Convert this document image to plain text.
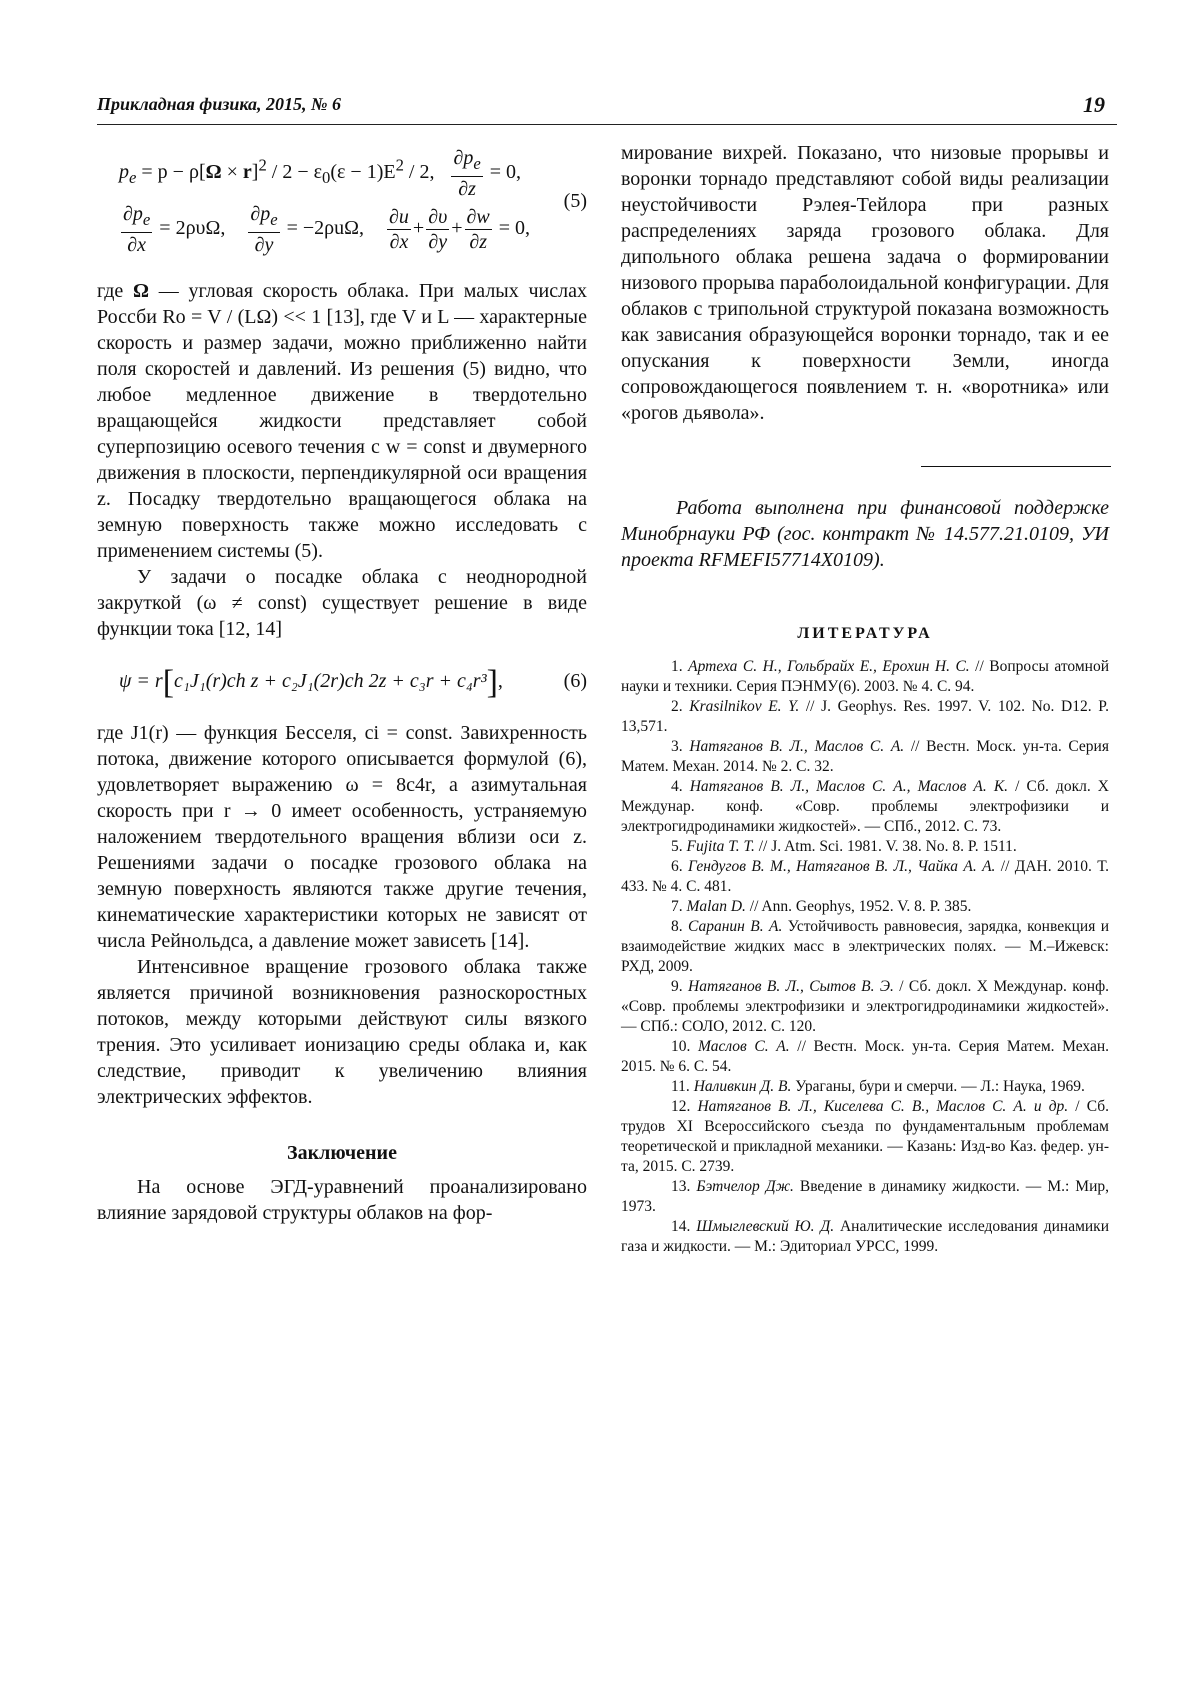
Прикладная физика, 2015, № 6	19
$p_e = p - \rho[\Omega \times r]^2 / 2 - \varepsilon_0(\varepsilon - 1)E^2 / 2$, $\frac{\partial p_e}{\partial z} = 0$,
$\frac{\partial p_e}{\partial x} = 2\rho\upsilon\Omega$, $\frac{\partial p_e}{\partial y} = -2\rho u\Omega$, $\frac{\partial u}{\partial x} + \frac{\partial\upsilon}{\partial y} + \frac{\partial w}{\partial z} = 0$,
(5)

где Ω — угловая скорость облака. При малых числах Россби Ro = V / (LΩ) << 1 [13], где V и L — характерные скорость и размер задачи, можно приближенно найти поля скоростей и давлений. Из решения (5) видно, что любое медленное движение в твердотельно вращающейся жидкости представляет собой суперпозицию осевого течения с w = const и двумерного движения в плоскости, перпендикулярной оси вращения z. Посадку твердотельно вращающегося облака на земную поверхность также можно исследовать с применением системы (5).

У задачи о посадке облака с неоднородной закруткой (ω ≠ const) существует решение в виде функции тока [12, 14]

ψ = r[c₁J₁(r)ch z + c₂J₁(2r)ch 2z + c₃r + c₄r³],	(6)

где J1(r) — функция Бесселя, ci = const. Завихренность потока, движение которого описывается формулой (6), удовлетворяет выражению ω = 8c4r, а азимутальная скорость при r → 0 имеет особенность, устраняемую наложением твердотельного вращения вблизи оси z. Решениями задачи о посадке грозового облака на земную поверхность являются также другие течения, кинематические характеристики которых не зависят от числа Рейнольдса, а давление может зависеть [14].

Интенсивное вращение грозового облака также является причиной возникновения разноскоростных потоков, между которыми действуют силы вязкого трения. Это усиливает ионизацию среды облака и, как следствие, приводит к увеличению влияния электрических эффектов.

Заключение

На основе ЭГД-уравнений проанализировано влияние зарядовой структуры облаков на фор-

мирование вихрей. Показано, что низовые прорывы и воронки торнадо представляют собой виды реализации неустойчивости Рэлея-Тейлора при разных распределениях заряда грозового облака. Для дипольного облака решена задача о формировании низового прорыва параболоидальной конфигурации. Для облаков с трипольной структурой показана возможность как зависания образующейся воронки торнадо, так и ее опускания к поверхности Земли, иногда сопровождающегося появлением т. н. «воротника» или «рогов дьявола».

Работа выполнена при финансовой поддержке Минобрнауки РФ (гос. контракт № 14.577.21.0109, УИ проекта RFMEFI57714X0109).

ЛИТЕРАТУРА

1. Артеха С. Н., Гольбрайх Е., Ерохин Н. С. // Вопросы атомной науки и техники. Серия ПЭНМУ(6). 2003. № 4. С. 94.

2. Krasilnikov E. Y. // J. Geophys. Res. 1997. V. 102. No. D12. P. 13,571.

3. Натяганов В. Л., Маслов С. А. // Вестн. Моск. ун-та. Серия Матем. Механ. 2014. № 2. С. 32.

4. Натяганов В. Л., Маслов С. А., Маслов А. К. / Сб. докл. X Междунар. конф. «Совр. проблемы электрофизики и электрогидродинамики жидкостей». — СПб., 2012. С. 73.

5. Fujita T. T. // J. Atm. Sci. 1981. V. 38. No. 8. P. 1511.

6. Гендугов В. М., Натяганов В. Л., Чайка А. А. // ДАН. 2010. Т. 433. № 4. С. 481.

7. Malan D. // Ann. Geophys, 1952. V. 8. P. 385.

8. Саранин В. А. Устойчивость равновесия, зарядка, конвекция и взаимодействие жидких масс в электрических полях. — М.–Ижевск: РХД, 2009.

9. Натяганов В. Л., Сытов В. Э. / Сб. докл. X Междунар. конф. «Совр. проблемы электрофизики и электрогидродинамики жидкостей». — СПб.: СОЛО, 2012. С. 120.

10. Маслов С. А. // Вестн. Моск. ун-та. Серия Матем. Механ. 2015. № 6. С. 54.

11. Наливкин Д. В. Ураганы, бури и смерчи. — Л.: Наука, 1969.

12. Натяганов В. Л., Киселева С. В., Маслов С. А. и др. / Сб. трудов XI Всероссийского съезда по фундаментальным проблемам теоретической и прикладной механики. — Казань: Изд-во Каз. федер. ун-та, 2015. С. 2739.

13. Бэтчелор Дж. Введение в динамику жидкости. — М.: Мир, 1973.

14. Шмыглевский Ю. Д. Аналитические исследования динамики газа и жидкости. — М.: Эдиториал УРСС, 1999.
